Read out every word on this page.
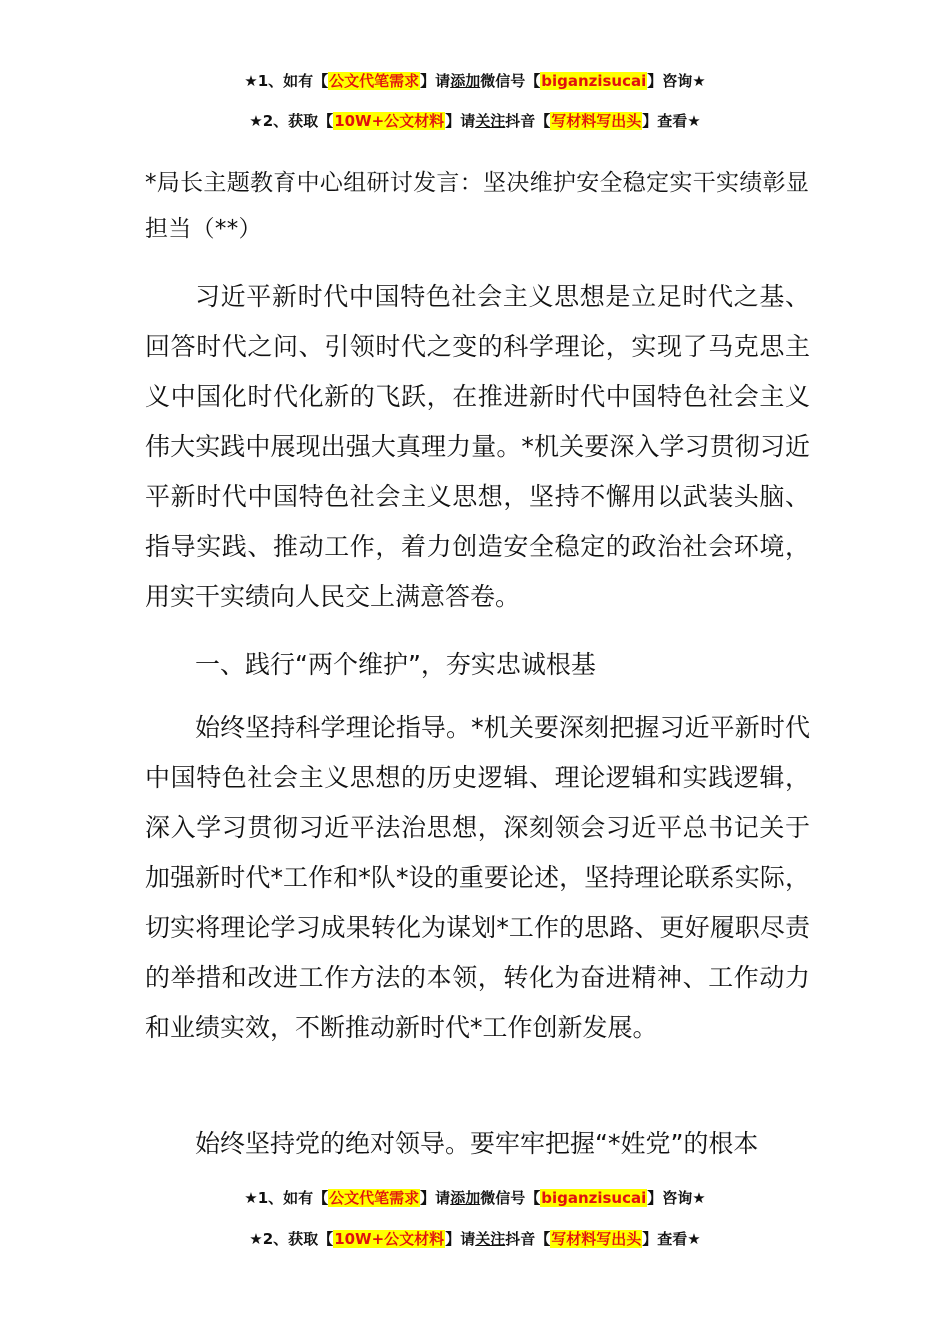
★1、如有【公文代笔需求】请添加微信号【biganzisucai】咨询★
★2、获取【10W+公文材料】请关注抖音【写材料写出头】查看★
*局长主题教育中心组研讨发言：坚决维护安全稳定实干实绩彰显担当（**）
习近平新时代中国特色社会主义思想是立足时代之基、回答时代之问、引领时代之变的科学理论，实现了马克思主义中国化时代化新的飞跃，在推进新时代中国特色社会主义伟大实践中展现出强大真理力量。*机关要深入学习贯彻习近平新时代中国特色社会主义思想，坚持不懈用以武装头脑、指导实践、推动工作，着力创造安全稳定的政治社会环境，用实干实绩向人民交上满意答卷。
一、践行“两个维护”，夯实忠诚根基
始终坚持科学理论指导。*机关要深刻把握习近平新时代中国特色社会主义思想的历史逻辑、理论逻辑和实践逻辑，深入学习贯彻习近平法治思想，深刻领会习近平总书记关于加强新时代*工作和*队*设的重要论述，坚持理论联系实际，切实将理论学习成果转化为谋划*工作的思路、更好履职尽责的举措和改进工作方法的本领，转化为奋进精神、工作动力和业绩实效，不断推动新时代*工作创新发展。
始终坚持党的绝对领导。要牢牢把握“*姓党”的根本
★1、如有【公文代笔需求】请添加微信号【biganzisucai】咨询★
★2、获取【10W+公文材料】请关注抖音【写材料写出头】查看★
